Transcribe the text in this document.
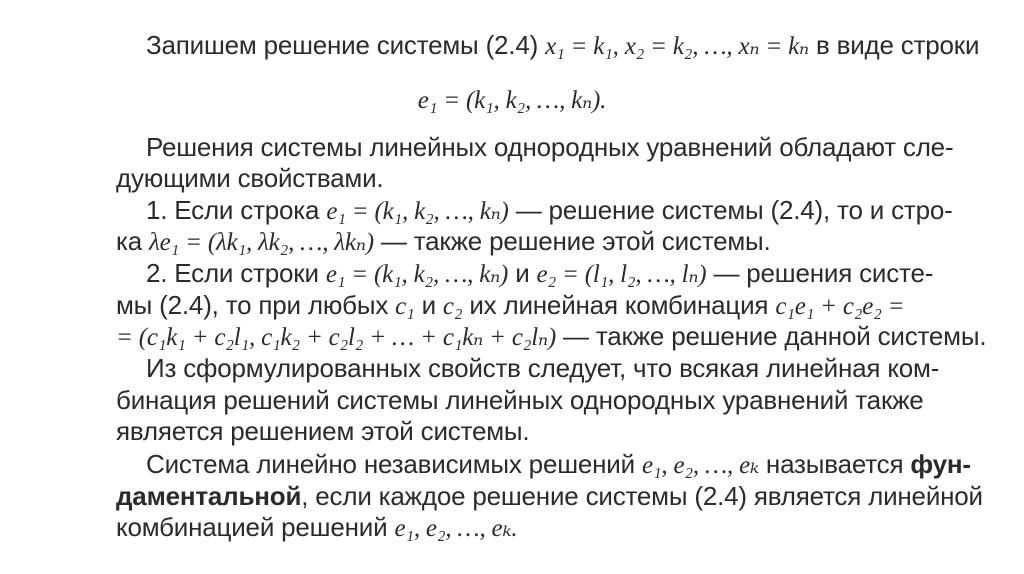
Запишем решение системы (2.4) x₁ = k₁, x₂ = k₂, …, xₙ = kₙ в виде строки
e₁ = (k₁, k₂, …, kₙ).
Решения системы линейных однородных уравнений обладают сле-
дующими свойствами.
1. Если строка e₁ = (k₁, k₂, …, kₙ) — решение системы (2.4), то и стро-
ка λe₁ = (λk₁, λk₂, …, λkₙ) — также решение этой системы.
2. Если строки e₁ = (k₁, k₂, …, kₙ) и e₂ = (l₁, l₂, …, lₙ) — решения систе-
мы (2.4), то при любых c₁ и c₂ их линейная комбинация c₁e₁ + c₂e₂ =
= (c₁k₁ + c₂l₁, c₁k₂ + c₂l₂ + … + c₁kₙ + c₂lₙ) — также решение данной системы.
Из сформулированных свойств следует, что всякая линейная ком-
бинация решений системы линейных однородных уравнений также
является решением этой системы.
Система линейно независимых решений e₁, e₂, …, eₖ называется фун-
даментальной, если каждое решение системы (2.4) является линейной
комбинацией решений e₁, e₂, …, eₖ.
